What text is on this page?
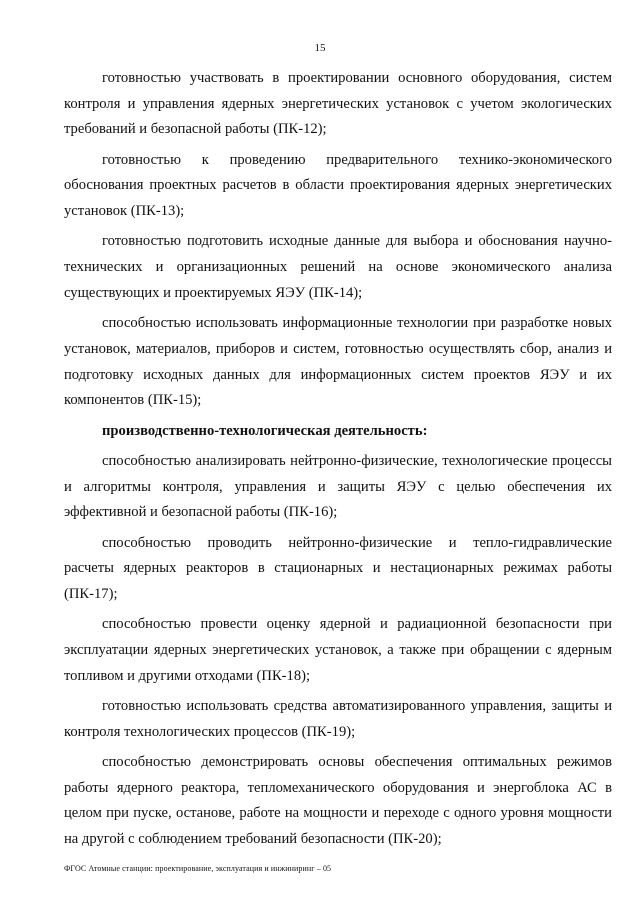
15

готовностью участвовать в проектировании основного оборудования, систем контроля и управления ядерных энергетических установок с учетом экологических требований и безопасной работы (ПК-12);

готовностью к проведению предварительного технико-экономического обоснования проектных расчетов в области проектирования ядерных энергетических установок (ПК-13);

готовностью подготовить исходные данные для выбора и обоснования научно-технических и организационных решений на основе экономического анализа существующих и проектируемых ЯЭУ (ПК-14);

способностью использовать информационные технологии при разработке новых установок, материалов, приборов и систем, готовностью осуществлять сбор, анализ и подготовку исходных данных для информационных систем проектов ЯЭУ и их компонентов (ПК-15);

производственно-технологическая деятельность:

способностью анализировать нейтронно-физические, технологические процессы и алгоритмы контроля, управления и защиты ЯЭУ с целью обеспечения их эффективной и безопасной работы (ПК-16);

способностью проводить нейтронно-физические и тепло-гидравлические расчеты ядерных реакторов в стационарных и нестационарных режимах работы (ПК-17);

способностью провести оценку ядерной и радиационной безопасности при эксплуатации ядерных энергетических установок, а также при обращении с ядерным топливом и другими отходами (ПК-18);

готовностью использовать средства автоматизированного управления, защиты и контроля технологических процессов (ПК-19);

способностью демонстрировать основы обеспечения оптимальных режимов работы ядерного реактора, тепломеханического оборудования и энергоблока АС в целом при пуске, останове, работе на мощности и переходе с одного уровня мощности на другой с соблюдением требований безопасности (ПК-20);

ФГОС Атомные станции: проектирование, эксплуатация и инжиниринг – 05
